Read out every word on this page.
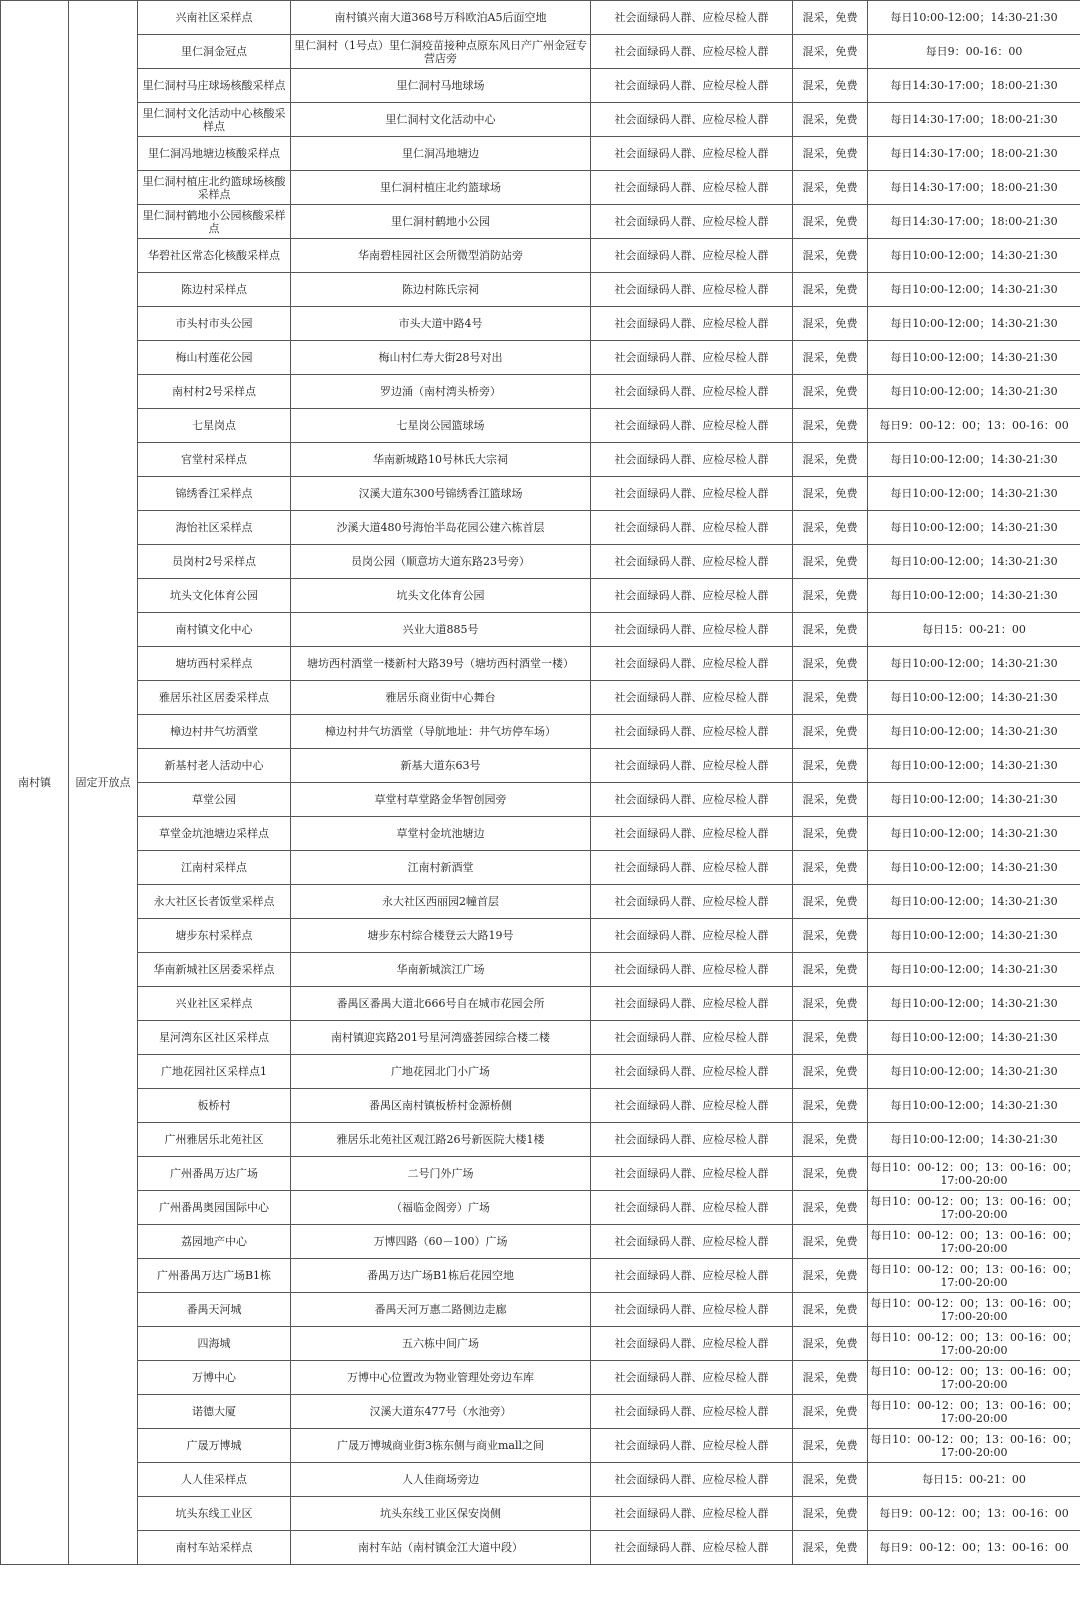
南村镇	固定开放点	兴南社区采样点	南村镇兴南大道368号万科欧泊A5后面空地	社会面绿码人群、应检尽检人群	混采，免费	每日10:00-12:00；14:30-21:30
		里仁洞金冠点	里仁洞村（1号点）里仁洞疫苗接种点原东风日产广州金冠专营店旁	社会面绿码人群、应检尽检人群	混采，免费	每日9：00-16：00
		里仁洞村马庄球场核酸采样点	里仁洞村马地球场	社会面绿码人群、应检尽检人群	混采，免费	每日14:30-17:00；18:00-21:30
		里仁洞村文化活动中心核酸采样点	里仁洞村文化活动中心	社会面绿码人群、应检尽检人群	混采，免费	每日14:30-17:00；18:00-21:30
		里仁洞冯地塘边核酸采样点	里仁洞冯地塘边	社会面绿码人群、应检尽检人群	混采，免费	每日14:30-17:00；18:00-21:30
		里仁洞村植庄北约篮球场核酸采样点	里仁洞村植庄北约篮球场	社会面绿码人群、应检尽检人群	混采，免费	每日14:30-17:00；18:00-21:30
		里仁洞村鹤地小公园核酸采样点	里仁洞村鹤地小公园	社会面绿码人群、应检尽检人群	混采，免费	每日14:30-17:00；18:00-21:30
		华碧社区常态化核酸采样点	华南碧桂园社区会所微型消防站旁	社会面绿码人群、应检尽检人群	混采，免费	每日10:00-12:00；14:30-21:30
		陈边村采样点	陈边村陈氏宗祠	社会面绿码人群、应检尽检人群	混采，免费	每日10:00-12:00；14:30-21:30
		市头村市头公园	市头大道中路4号	社会面绿码人群、应检尽检人群	混采，免费	每日10:00-12:00；14:30-21:30
		梅山村莲花公园	梅山村仁寿大街28号对出	社会面绿码人群、应检尽检人群	混采，免费	每日10:00-12:00；14:30-21:30
		南村村2号采样点	罗边涌（南村湾头桥旁）	社会面绿码人群、应检尽检人群	混采，免费	每日10:00-12:00；14:30-21:30
		七星岗点	七星岗公园篮球场	社会面绿码人群、应检尽检人群	混采，免费	每日9：00-12：00；13：00-16：00
		官堂村采样点	华南新城路10号林氏大宗祠	社会面绿码人群、应检尽检人群	混采，免费	每日10:00-12:00；14:30-21:30
		锦绣香江采样点	汉溪大道东300号锦绣香江篮球场	社会面绿码人群、应检尽检人群	混采，免费	每日10:00-12:00；14:30-21:30
		海怡社区采样点	沙溪大道480号海怡半岛花园公建六栋首层	社会面绿码人群、应检尽检人群	混采，免费	每日10:00-12:00；14:30-21:30
		员岗村2号采样点	员岗公园（顺意坊大道东路23号旁）	社会面绿码人群、应检尽检人群	混采，免费	每日10:00-12:00；14:30-21:30
		坑头文化体育公园	坑头文化体育公园	社会面绿码人群、应检尽检人群	混采，免费	每日10:00-12:00；14:30-21:30
		南村镇文化中心	兴业大道885号	社会面绿码人群、应检尽检人群	混采，免费	每日15：00-21：00
		塘坊西村采样点	塘坊西村酒堂一楼新村大路39号（塘坊西村酒堂一楼）	社会面绿码人群、应检尽检人群	混采，免费	每日10:00-12:00；14:30-21:30
		雅居乐社区居委采样点	雅居乐商业街中心舞台	社会面绿码人群、应检尽检人群	混采，免费	每日10:00-12:00；14:30-21:30
		樟边村井气坊酒堂	樟边村井气坊酒堂（导航地址：井气坊停车场）	社会面绿码人群、应检尽检人群	混采，免费	每日10:00-12:00；14:30-21:30
		新基村老人活动中心	新基大道东63号	社会面绿码人群、应检尽检人群	混采，免费	每日10:00-12:00；14:30-21:30
		草堂公园	草堂村草堂路金华智创园旁	社会面绿码人群、应检尽检人群	混采，免费	每日10:00-12:00；14:30-21:30
		草堂金坑池塘边采样点	草堂村金坑池塘边	社会面绿码人群、应检尽检人群	混采，免费	每日10:00-12:00；14:30-21:30
		江南村采样点	江南村新酒堂	社会面绿码人群、应检尽检人群	混采，免费	每日10:00-12:00；14:30-21:30
		永大社区长者饭堂采样点	永大社区西丽园2幢首层	社会面绿码人群、应检尽检人群	混采，免费	每日10:00-12:00；14:30-21:30
		塘步东村采样点	塘步东村综合楼登云大路19号	社会面绿码人群、应检尽检人群	混采，免费	每日10:00-12:00；14:30-21:30
		华南新城社区居委采样点	华南新城滨江广场	社会面绿码人群、应检尽检人群	混采，免费	每日10:00-12:00；14:30-21:30
		兴业社区采样点	番禺区番禺大道北666号自在城市花园会所	社会面绿码人群、应检尽检人群	混采，免费	每日10:00-12:00；14:30-21:30
		星河湾东区社区采样点	南村镇迎宾路201号星河湾盛荟园综合楼二楼	社会面绿码人群、应检尽检人群	混采，免费	每日10:00-12:00；14:30-21:30
		广地花园社区采样点1	广地花园北门小广场	社会面绿码人群、应检尽检人群	混采，免费	每日10:00-12:00；14:30-21:30
		板桥村	番禺区南村镇板桥村金源桥侧	社会面绿码人群、应检尽检人群	混采，免费	每日10:00-12:00；14:30-21:30
		广州雅居乐北苑社区	雅居乐北苑社区观江路26号新医院大楼1楼	社会面绿码人群、应检尽检人群	混采，免费	每日10:00-12:00；14:30-21:30
		广州番禺万达广场	二号门外广场	社会面绿码人群、应检尽检人群	混采，免费	每日10：00-12：00；13：00-16：00；17:00-20:00
		广州番禺奥园国际中心	（福临金阁旁）广场	社会面绿码人群、应检尽检人群	混采，免费	每日10：00-12：00；13：00-16：00；17:00-20:00
		荔园地产中心	万博四路（60－100）广场	社会面绿码人群、应检尽检人群	混采，免费	每日10：00-12：00；13：00-16：00；17:00-20:00
		广州番禺万达广场B1栋	番禺万达广场B1栋后花园空地	社会面绿码人群、应检尽检人群	混采，免费	每日10：00-12：00；13：00-16：00；17:00-20:00
		番禺天河城	番禺天河万惠二路侧边走廊	社会面绿码人群、应检尽检人群	混采，免费	每日10：00-12：00；13：00-16：00；17:00-20:00
		四海城	五六栋中间广场	社会面绿码人群、应检尽检人群	混采，免费	每日10：00-12：00；13：00-16：00；17:00-20:00
		万博中心	万博中心位置改为物业管理处旁边车库	社会面绿码人群、应检尽检人群	混采，免费	每日10：00-12：00；13：00-16：00；17:00-20:00
		诺德大厦	汉溪大道东477号（水池旁）	社会面绿码人群、应检尽检人群	混采，免费	每日10：00-12：00；13：00-16：00；17:00-20:00
		广晟万博城	广晟万博城商业街3栋东侧与商业mall之间	社会面绿码人群、应检尽检人群	混采，免费	每日10：00-12：00；13：00-16：00；17:00-20:00
		人人佳采样点	人人佳商场旁边	社会面绿码人群、应检尽检人群	混采，免费	每日15：00-21：00
		坑头东线工业区	坑头东线工业区保安岗侧	社会面绿码人群、应检尽检人群	混采，免费	每日9：00-12：00；13：00-16：00
		南村车站采样点	南村车站（南村镇金江大道中段）	社会面绿码人群、应检尽检人群	混采，免费	每日9：00-12：00；13：00-16：00
